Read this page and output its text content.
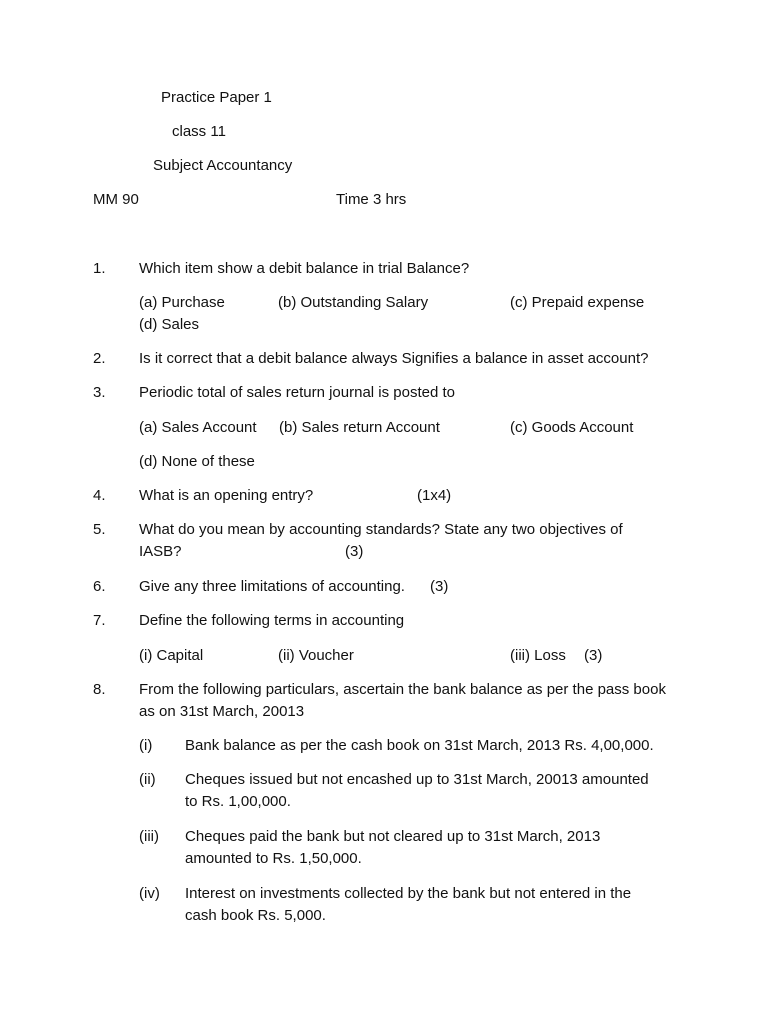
Practice Paper 1
class 11
Subject Accountancy
MM 90	Time 3 hrs
1. Which item show a debit balance in trial Balance?
(a) Purchase	(b) Outstanding Salary	(c) Prepaid expense
(d) Sales
2. Is it correct that a debit balance always Signifies a balance in asset account?
3. Periodic total of sales return journal is posted to
(a) Sales Account (b) Sales return Account	(c) Goods Account
(d) None of these
4. What is an opening entry?	(1x4)
5. What do you mean by accounting standards? State any two objectives of
IASB?	(3)
6. Give any three limitations of accounting.	(3)
7. Define the following terms in accounting
(i) Capital	(ii) Voucher	(iii) Loss (3)
8. From the following particulars, ascertain the bank balance as per the pass book as on 31st March, 20013
(i) Bank balance as per the cash book on 31st March, 2013 Rs. 4,00,000.
(ii) Cheques issued but not encashed up to 31st March, 20013 amounted to Rs. 1,00,000.
(iii) Cheques paid the bank but not cleared up to 31st March, 2013 amounted to Rs. 1,50,000.
(iv) Interest on investments collected by the bank but not entered in the cash book Rs. 5,000.
